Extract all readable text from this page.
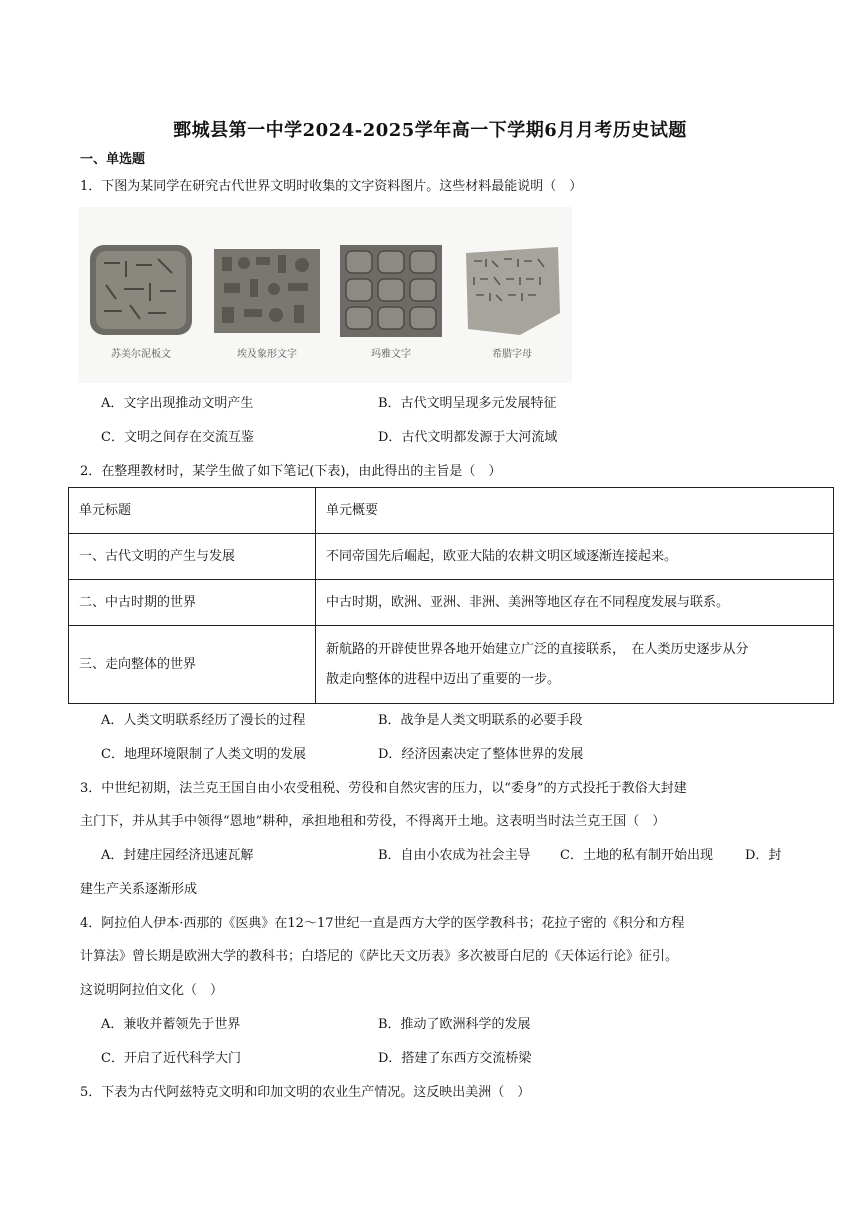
鄄城县第一中学2024-2025学年高一下学期6月月考历史试题
一、单选题
1．下图为某同学在研究古代世界文明时收集的文字资料图片。这些材料最能说明（　）
苏美尔泥板文	埃及象形文字	玛雅文字	希腊字母
A．文字出现推动文明产生	B．古代文明呈现多元发展特征
C．文明之间存在交流互鉴	D．古代文明都发源于大河流域
2．在整理教材时，某学生做了如下笔记(下表)，由此得出的主旨是（　）
单元标题	单元概要
一、古代文明的产生与发展	不同帝国先后崛起，欧亚大陆的农耕文明区域逐渐连接起来。
二、中古时期的世界	中古时期，欧洲、亚洲、非洲、美洲等地区存在不同程度发展与联系。
三、走向整体的世界	新航路的开辟使世界各地开始建立广泛的直接联系，　在人类历史逐步从分
散走向整体的进程中迈出了重要的一步。
A．人类文明联系经历了漫长的过程	B．战争是人类文明联系的必要手段
C．地理环境限制了人类文明的发展	D．经济因素决定了整体世界的发展
3．中世纪初期，法兰克王国自由小农受租税、劳役和自然灾害的压力，以“委身”的方式投托于教俗大封建
主门下，并从其手中领得“恩地”耕种，承担地租和劳役，不得离开土地。这表明当时法兰克王国（　）
A．封建庄园经济迅速瓦解	B．自由小农成为社会主导 C．土地的私有制开始出现 D．封
建生产关系逐渐形成
4．阿拉伯人伊本·西那的《医典》在12～17世纪一直是西方大学的医学教科书；花拉子密的《积分和方程
计算法》曾长期是欧洲大学的教科书；白塔尼的《萨比天文历表》多次被哥白尼的《天体运行论》征引。
这说明阿拉伯文化（　）
A．兼收并蓄领先于世界	B．推动了欧洲科学的发展
C．开启了近代科学大门	D．搭建了东西方交流桥梁
5．下表为古代阿兹特克文明和印加文明的农业生产情况。这反映出美洲（　）
